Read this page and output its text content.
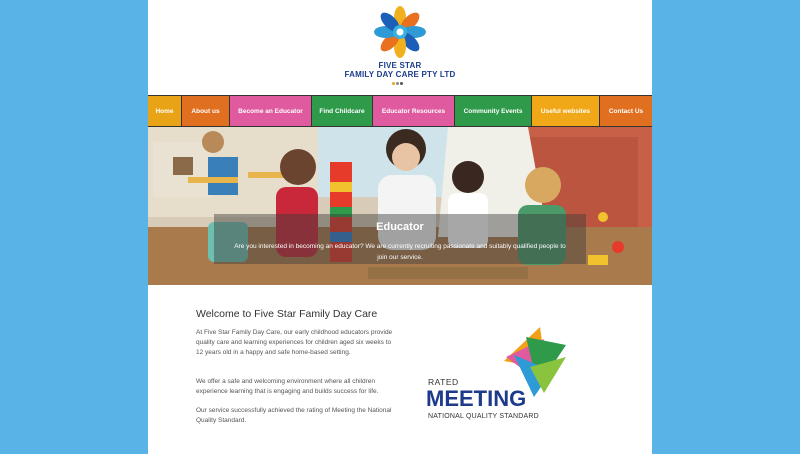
FIVE STAR
FAMILY DAY CARE PTY LTD
Home	About us	Become an Educator	Find Childcare	Educator Resources	Community Events	Useful websites	Contact Us
Educator
Are you interested in becoming an educator? We are currently recruiting passionate and suitably qualified people to join our service.
Welcome to Five Star Family Day Care
At Five Star Family Day Care, our early childhood educators provide quality care and learning experiences for children aged six weeks to 12 years old in a happy and safe home-based setting.
We offer a safe and welcoming environment where all children experience learning that is engaging and builds success for life.
Our service successfully achieved the rating of Meeting the National Quality Standard.
RATED
MEETING
NATIONAL QUALITY STANDARD
